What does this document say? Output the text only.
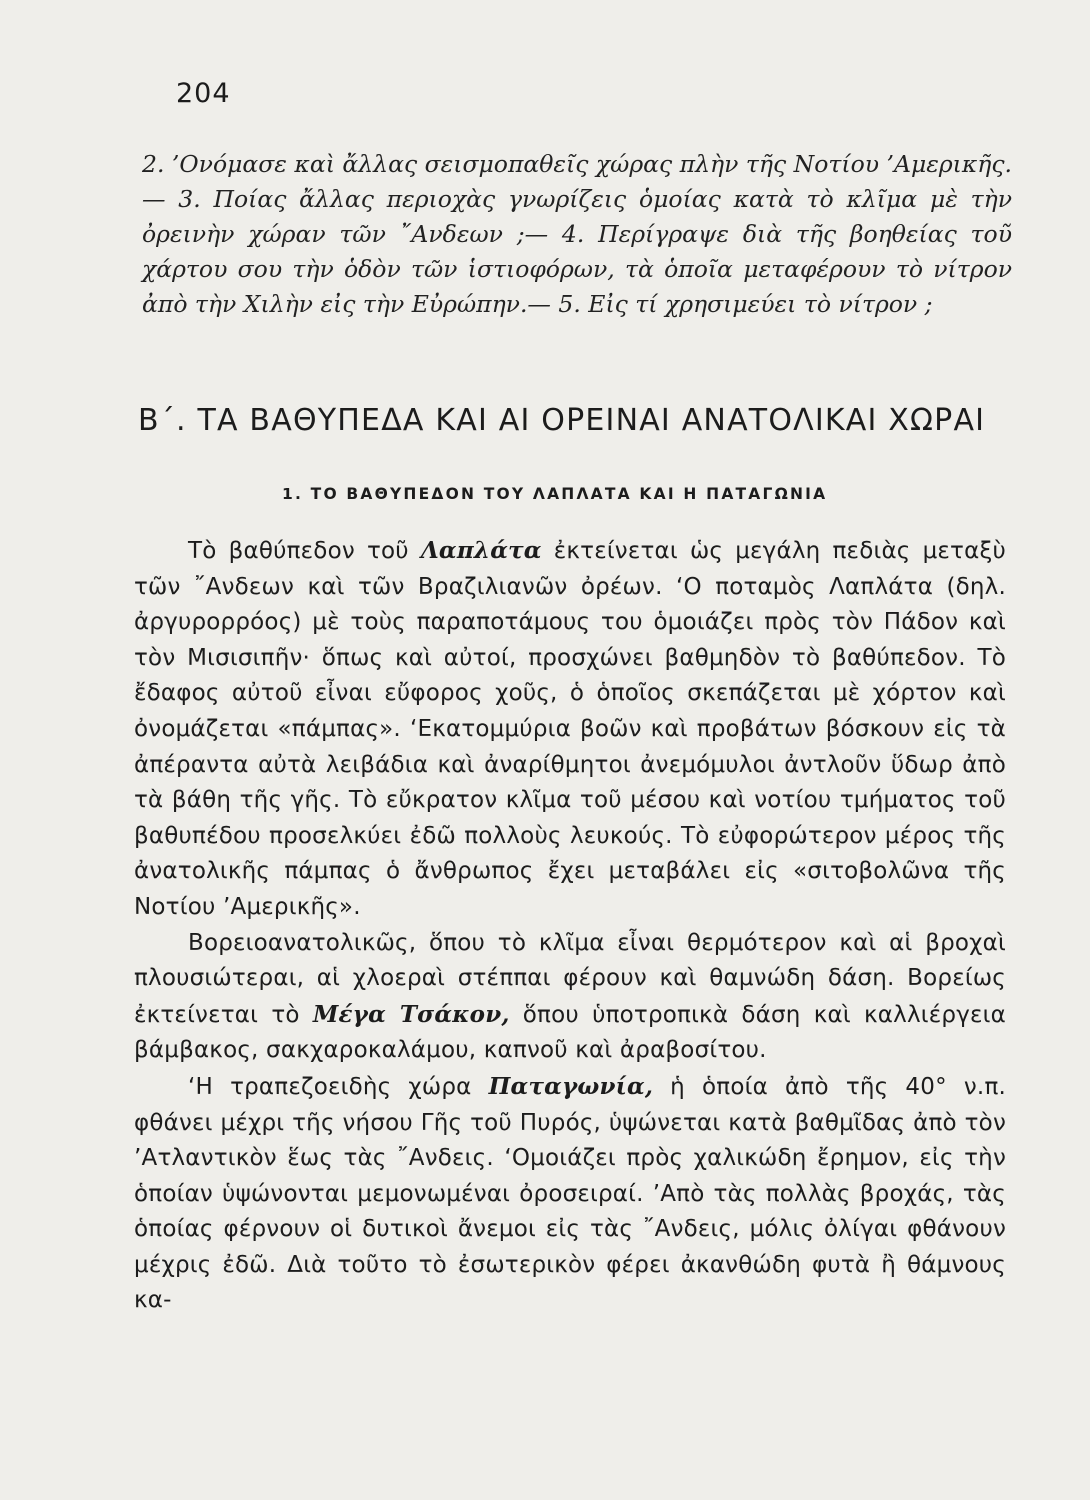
204
2. ’Ονόμασε καὶ ἄλλας σεισμοπαθεῖς χώρας πλὴν τῆς Νοτίου ’Αμερικῆς.— 3. Ποίας ἄλλας περιοχὰς γνωρίζεις ὁμοίας κατὰ τὸ κλῖμα μὲ τὴν ὀρεινὴν χώραν τῶν ῎Ανδεων ;— 4. Περίγραψε διὰ τῆς βοηθείας τοῦ χάρτου σου τὴν ὁδὸν τῶν ἱστιοφόρων, τὰ ὁποῖα μεταφέρουν τὸ νίτρον ἀπὸ τὴν Χιλὴν εἰς τὴν Εὐρώπην.— 5. Εἰς τί χρησιμεύει τὸ νίτρον ;
Β΄. ΤΑ ΒΑΘΥΠΕΔΑ ΚΑΙ ΑΙ ΟΡΕΙΝΑΙ ΑΝΑΤΟΛΙΚΑΙ ΧΩΡΑΙ
1. ΤΟ ΒΑΘΥΠΕΔΟΝ ΤΟΥ ΛΑΠΛΑΤΑ ΚΑΙ Η ΠΑΤΑΓΩΝΙΑ

Τὸ βαθύπεδον τοῦ Λαπλάτα ἐκτείνεται ὡς μεγάλη πεδιὰς μεταξὺ τῶν ῎Ανδεων καὶ τῶν Βραζιλιανῶν ὀρέων. ‘Ο ποταμὸς Λαπλάτα (δηλ. ἀργυρορρόος) μὲ τοὺς παραποτάμους του ὁμοιάζει πρὸς τὸν Πάδον καὶ τὸν Μισισιπῆν· ὅπως καὶ αὐτοί, προσχώνει βαθμηδὸν τὸ βαθύπεδον. Τὸ ἔδαφος αὐτοῦ εἶναι εὔφορος χοῦς, ὁ ὁποῖος σκεπάζεται μὲ χόρτον καὶ ὀνομάζεται «πάμπας». ‘Εκατομμύρια βοῶν καὶ προβάτων βόσκουν εἰς τὰ ἀπέραντα αὐτὰ λειβάδια καὶ ἀναρίθμητοι ἀνεμόμυλοι ἀντλοῦν ὕδωρ ἀπὸ τὰ βάθη τῆς γῆς. Τὸ εὔκρατον κλῖμα τοῦ μέσου καὶ νοτίου τμήματος τοῦ βαθυπέδου προσελκύει ἐδῶ πολλοὺς λευκούς. Τὸ εὐφορώτερον μέρος τῆς ἀνατολικῆς πάμπας ὁ ἄνθρωπος ἔχει μεταβάλει εἰς «σιτοβολῶνα τῆς Νοτίου ’Αμερικῆς».

Βορειοανατολικῶς, ὅπου τὸ κλῖμα εἶναι θερμότερον καὶ αἱ βροχαὶ πλουσιώτεραι, αἱ χλοεραὶ στέππαι φέρουν καὶ θαμνώδη δάση. Βορείως ἐκτείνεται τὸ Μέγα Τσάκον, ὅπου ὑποτροπικὰ δάση καὶ καλλιέργεια βάμβακος, σακχαροκαλάμου, καπνοῦ καὶ ἀραβοσίτου.

‘Η τραπεζοειδὴς χώρα Παταγωνία, ἡ ὁποία ἀπὸ τῆς 40° ν.π. φθάνει μέχρι τῆς νήσου Γῆς τοῦ Πυρός, ὑψώνεται κατὰ βαθμῖδας ἀπὸ τὸν ’Ατλαντικὸν ἕως τὰς ῎Ανδεις. ‘Ομοιάζει πρὸς χαλικώδη ἔρημον, εἰς τὴν ὁποίαν ὑψώνονται μεμονωμέναι ὀροσειραί. ’Απὸ τὰς πολλὰς βροχάς, τὰς ὁποίας φέρνουν οἱ δυτικοὶ ἄνεμοι εἰς τὰς ῎Ανδεις, μόλις ὀλίγαι φθάνουν μέχρις ἐδῶ. Διὰ τοῦτο τὸ ἐσωτερικὸν φέρει ἀκανθώδη φυτὰ ἢ θάμνους κα-
